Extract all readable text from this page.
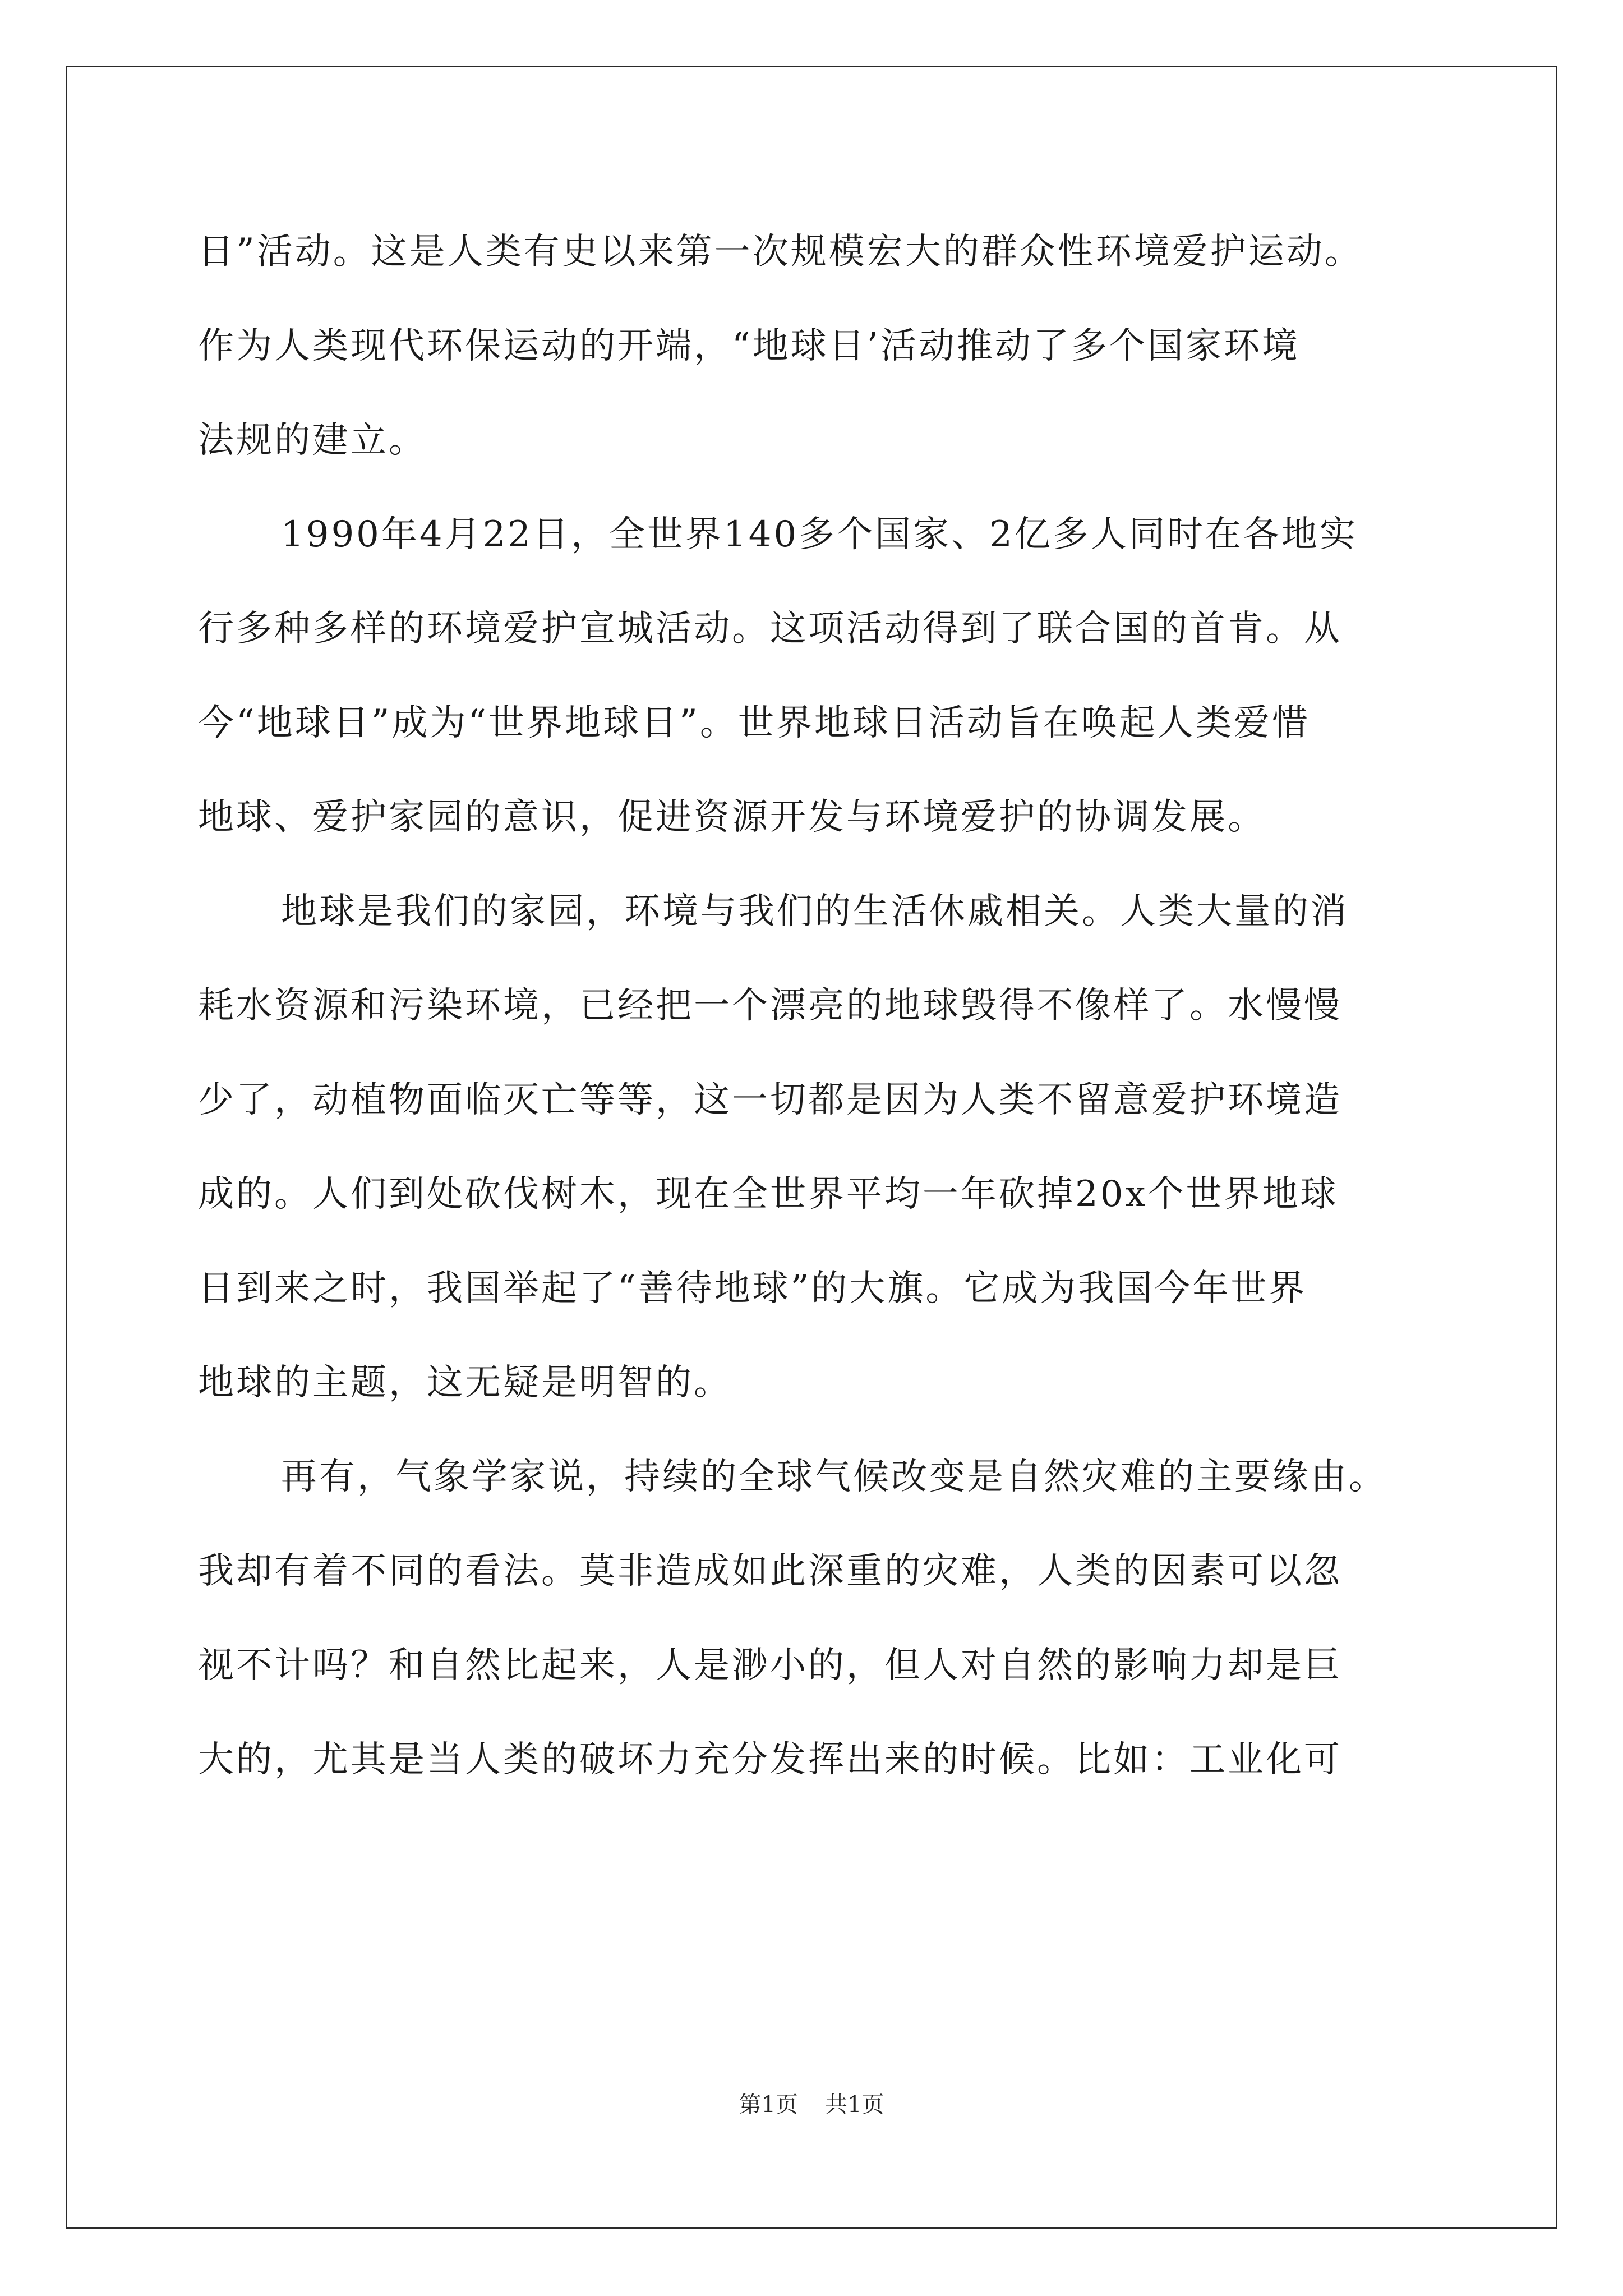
日”活动。这是人类有史以来第一次规模宏大的群众性环境爱护运动。

作为人类现代环保运动的开端，“地球日’活动推动了多个国家环境

法规的建立。

1990年4月22日，全世界140多个国家、2亿多人同时在各地实

行多种多样的环境爱护宣城活动。这项活动得到了联合国的首肯。从

今“地球日”成为“世界地球日”。世界地球日活动旨在唤起人类爱惜

地球、爱护家园的意识，促进资源开发与环境爱护的协调发展。

地球是我们的家园，环境与我们的生活休戚相关。人类大量的消

耗水资源和污染环境，已经把一个漂亮的地球毁得不像样了。水慢慢

少了，动植物面临灭亡等等，这一切都是因为人类不留意爱护环境造

成的。人们到处砍伐树木，现在全世界平均一年砍掉20x个世界地球

日到来之时，我国举起了“善待地球”的大旗。它成为我国今年世界

地球的主题，这无疑是明智的。

再有，气象学家说，持续的全球气候改变是自然灾难的主要缘由。

我却有着不同的看法。莫非造成如此深重的灾难，人类的因素可以忽

视不计吗？和自然比起来，人是渺小的，但人对自然的影响力却是巨

大的，尤其是当人类的破坏力充分发挥出来的时候。比如：工业化可

第1页 共1页
